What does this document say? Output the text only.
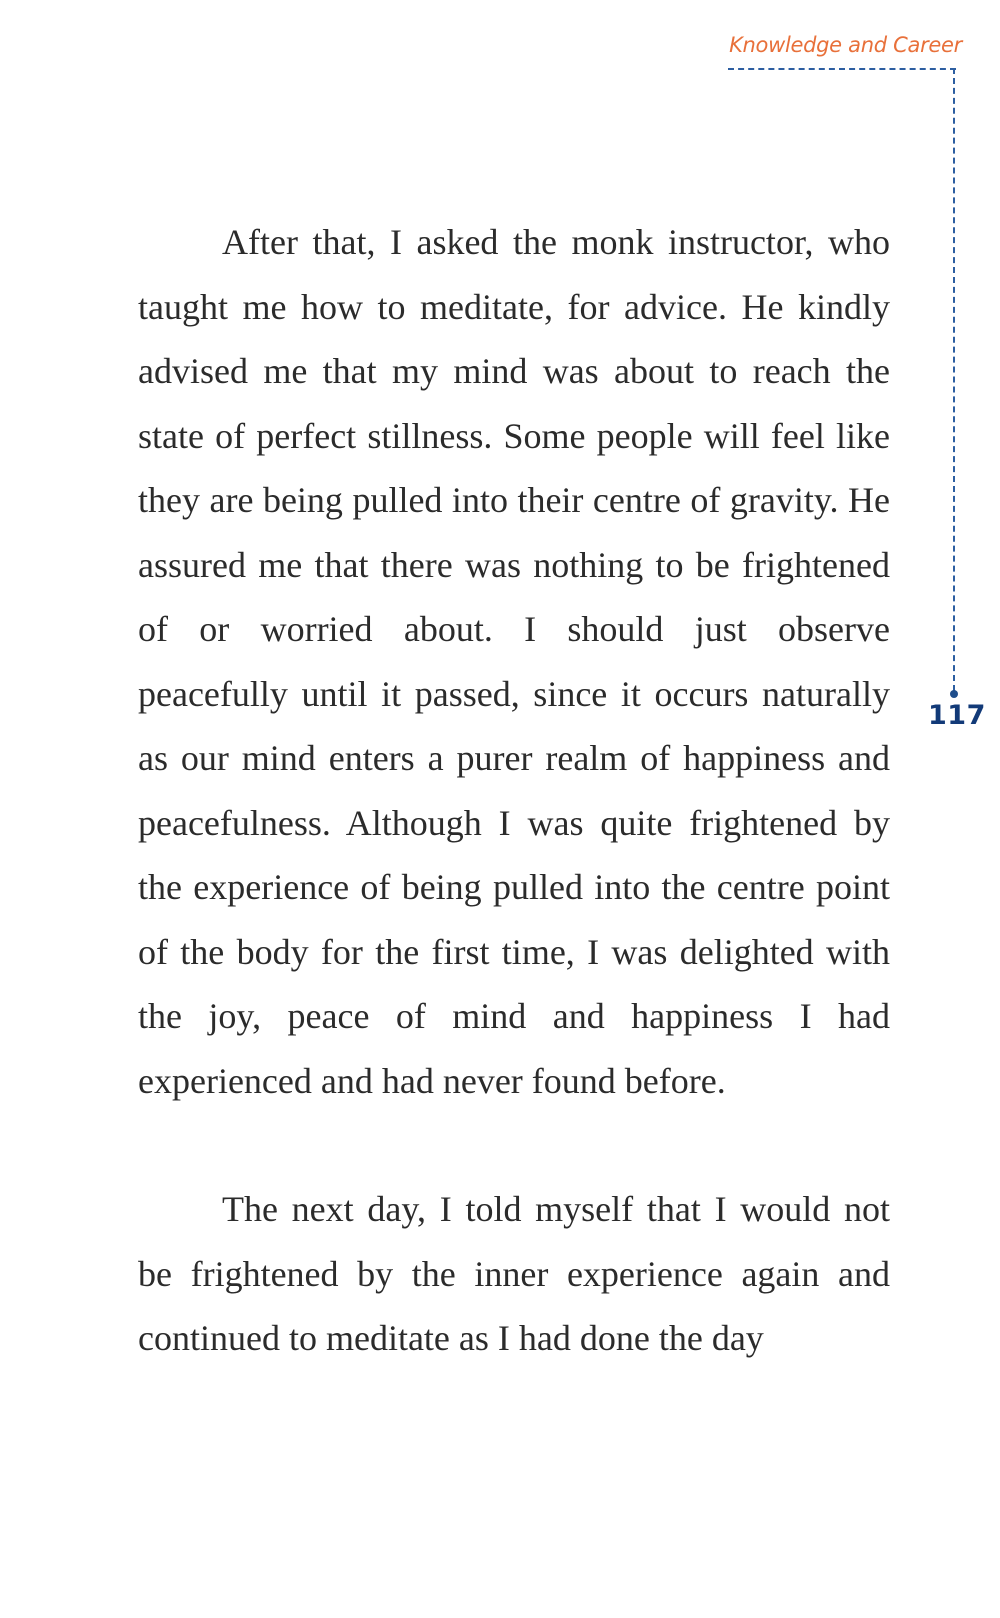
Knowledge and Career
117

After that, I asked the monk instructor, who taught me how to meditate, for advice. He kindly advised me that my mind was about to reach the state of perfect stillness. Some people will feel like they are being pulled into their centre of gravity. He assured me that there was nothing to be frightened of or worried about. I should just observe peacefully until it passed, since it occurs naturally as our mind enters a purer realm of happiness and peacefulness. Although I was quite frightened by the experience of being pulled into the centre point of the body for the first time, I was delighted with the joy, peace of mind and happiness I had experienced and had never found before.

The next day, I told myself that I would not be frightened by the inner experience again and continued to meditate as I had done the day
